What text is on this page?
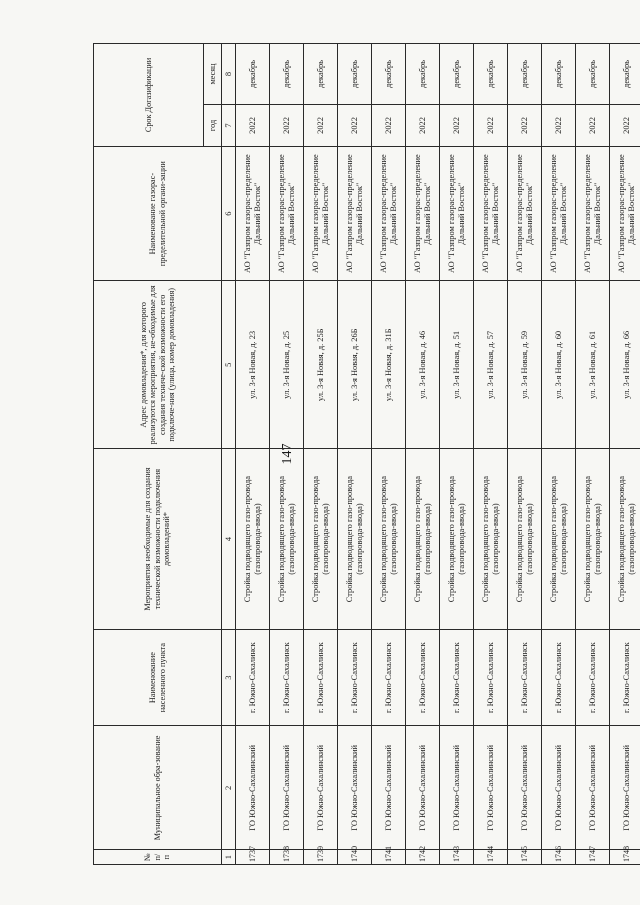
147
№ п/п	Муниципальное обра-зование	Наименование населенного пункта	Мероприятия необходимые для создания технической возможности подключения домовладений*	Адрес домовладения*, для которого реализуются мероприятия, не-обходимые для создания техниче-ской возможности его подключе-ния (улица, номер домовладения)	Наименование газорас-пределительной органи-зации	Срок Догазификации	
						год	месяц
1	2	3	4	5	6	7	8
1737	ГО Южно-Сахалинский	г. Южно-Сахалинск	Стройка подводящего газо-провода (газопровода-ввода)	ул. 3-я Новая, д. 23	АО "Газпром газорас-пределение Дальний Восток"	2022	декабрь
1738	ГО Южно-Сахалинский	г. Южно-Сахалинск	Стройка подводящего газо-провода (газопровода-ввода)	ул. 3-я Новая, д. 25	АО "Газпром газорас-пределение Дальний Восток"	2022	декабрь
1739	ГО Южно-Сахалинский	г. Южно-Сахалинск	Стройка подводящего газо-провода (газопровода-ввода)	ул. 3-я Новая, д. 25Б	АО "Газпром газорас-пределение Дальний Восток"	2022	декабрь
1740	ГО Южно-Сахалинский	г. Южно-Сахалинск	Стройка подводящего газо-провода (газопровода-ввода)	ул. 3-я Новая, д. 26Б	АО "Газпром газорас-пределение Дальний Восток"	2022	декабрь
1741	ГО Южно-Сахалинский	г. Южно-Сахалинск	Стройка подводящего газо-провода (газопровода-ввода)	ул. 3-я Новая, д. 31Б	АО "Газпром газорас-пределение Дальний Восток"	2022	декабрь
1742	ГО Южно-Сахалинский	г. Южно-Сахалинск	Стройка подводящего газо-провода (газопровода-ввода)	ул. 3-я Новая, д. 46	АО "Газпром газорас-пределение Дальний Восток"	2022	декабрь
1743	ГО Южно-Сахалинский	г. Южно-Сахалинск	Стройка подводящего газо-провода (газопровода-ввода)	ул. 3-я Новая, д. 51	АО "Газпром газорас-пределение Дальний Восток"	2022	декабрь
1744	ГО Южно-Сахалинский	г. Южно-Сахалинск	Стройка подводящего газо-провода (газопровода-ввода)	ул. 3-я Новая, д. 57	АО "Газпром газорас-пределение Дальний Восток"	2022	декабрь
1745	ГО Южно-Сахалинский	г. Южно-Сахалинск	Стройка подводящего газо-провода (газопровода-ввода)	ул. 3-я Новая, д. 59	АО "Газпром газорас-пределение Дальний Восток"	2022	декабрь
1746	ГО Южно-Сахалинский	г. Южно-Сахалинск	Стройка подводящего газо-провода (газопровода-ввода)	ул. 3-я Новая, д. 60	АО "Газпром газорас-пределение Дальний Восток"	2022	декабрь
1747	ГО Южно-Сахалинский	г. Южно-Сахалинск	Стройка подводящего газо-провода (газопровода-ввода)	ул. 3-я Новая, д. 61	АО "Газпром газорас-пределение Дальний Восток"	2022	декабрь
1748	ГО Южно-Сахалинский	г. Южно-Сахалинск	Стройка подводящего газо-провода (газопровода-ввода)	ул. 3-я Новая, д. 66	АО "Газпром газорас-пределение Дальний Восток"	2022	декабрь
